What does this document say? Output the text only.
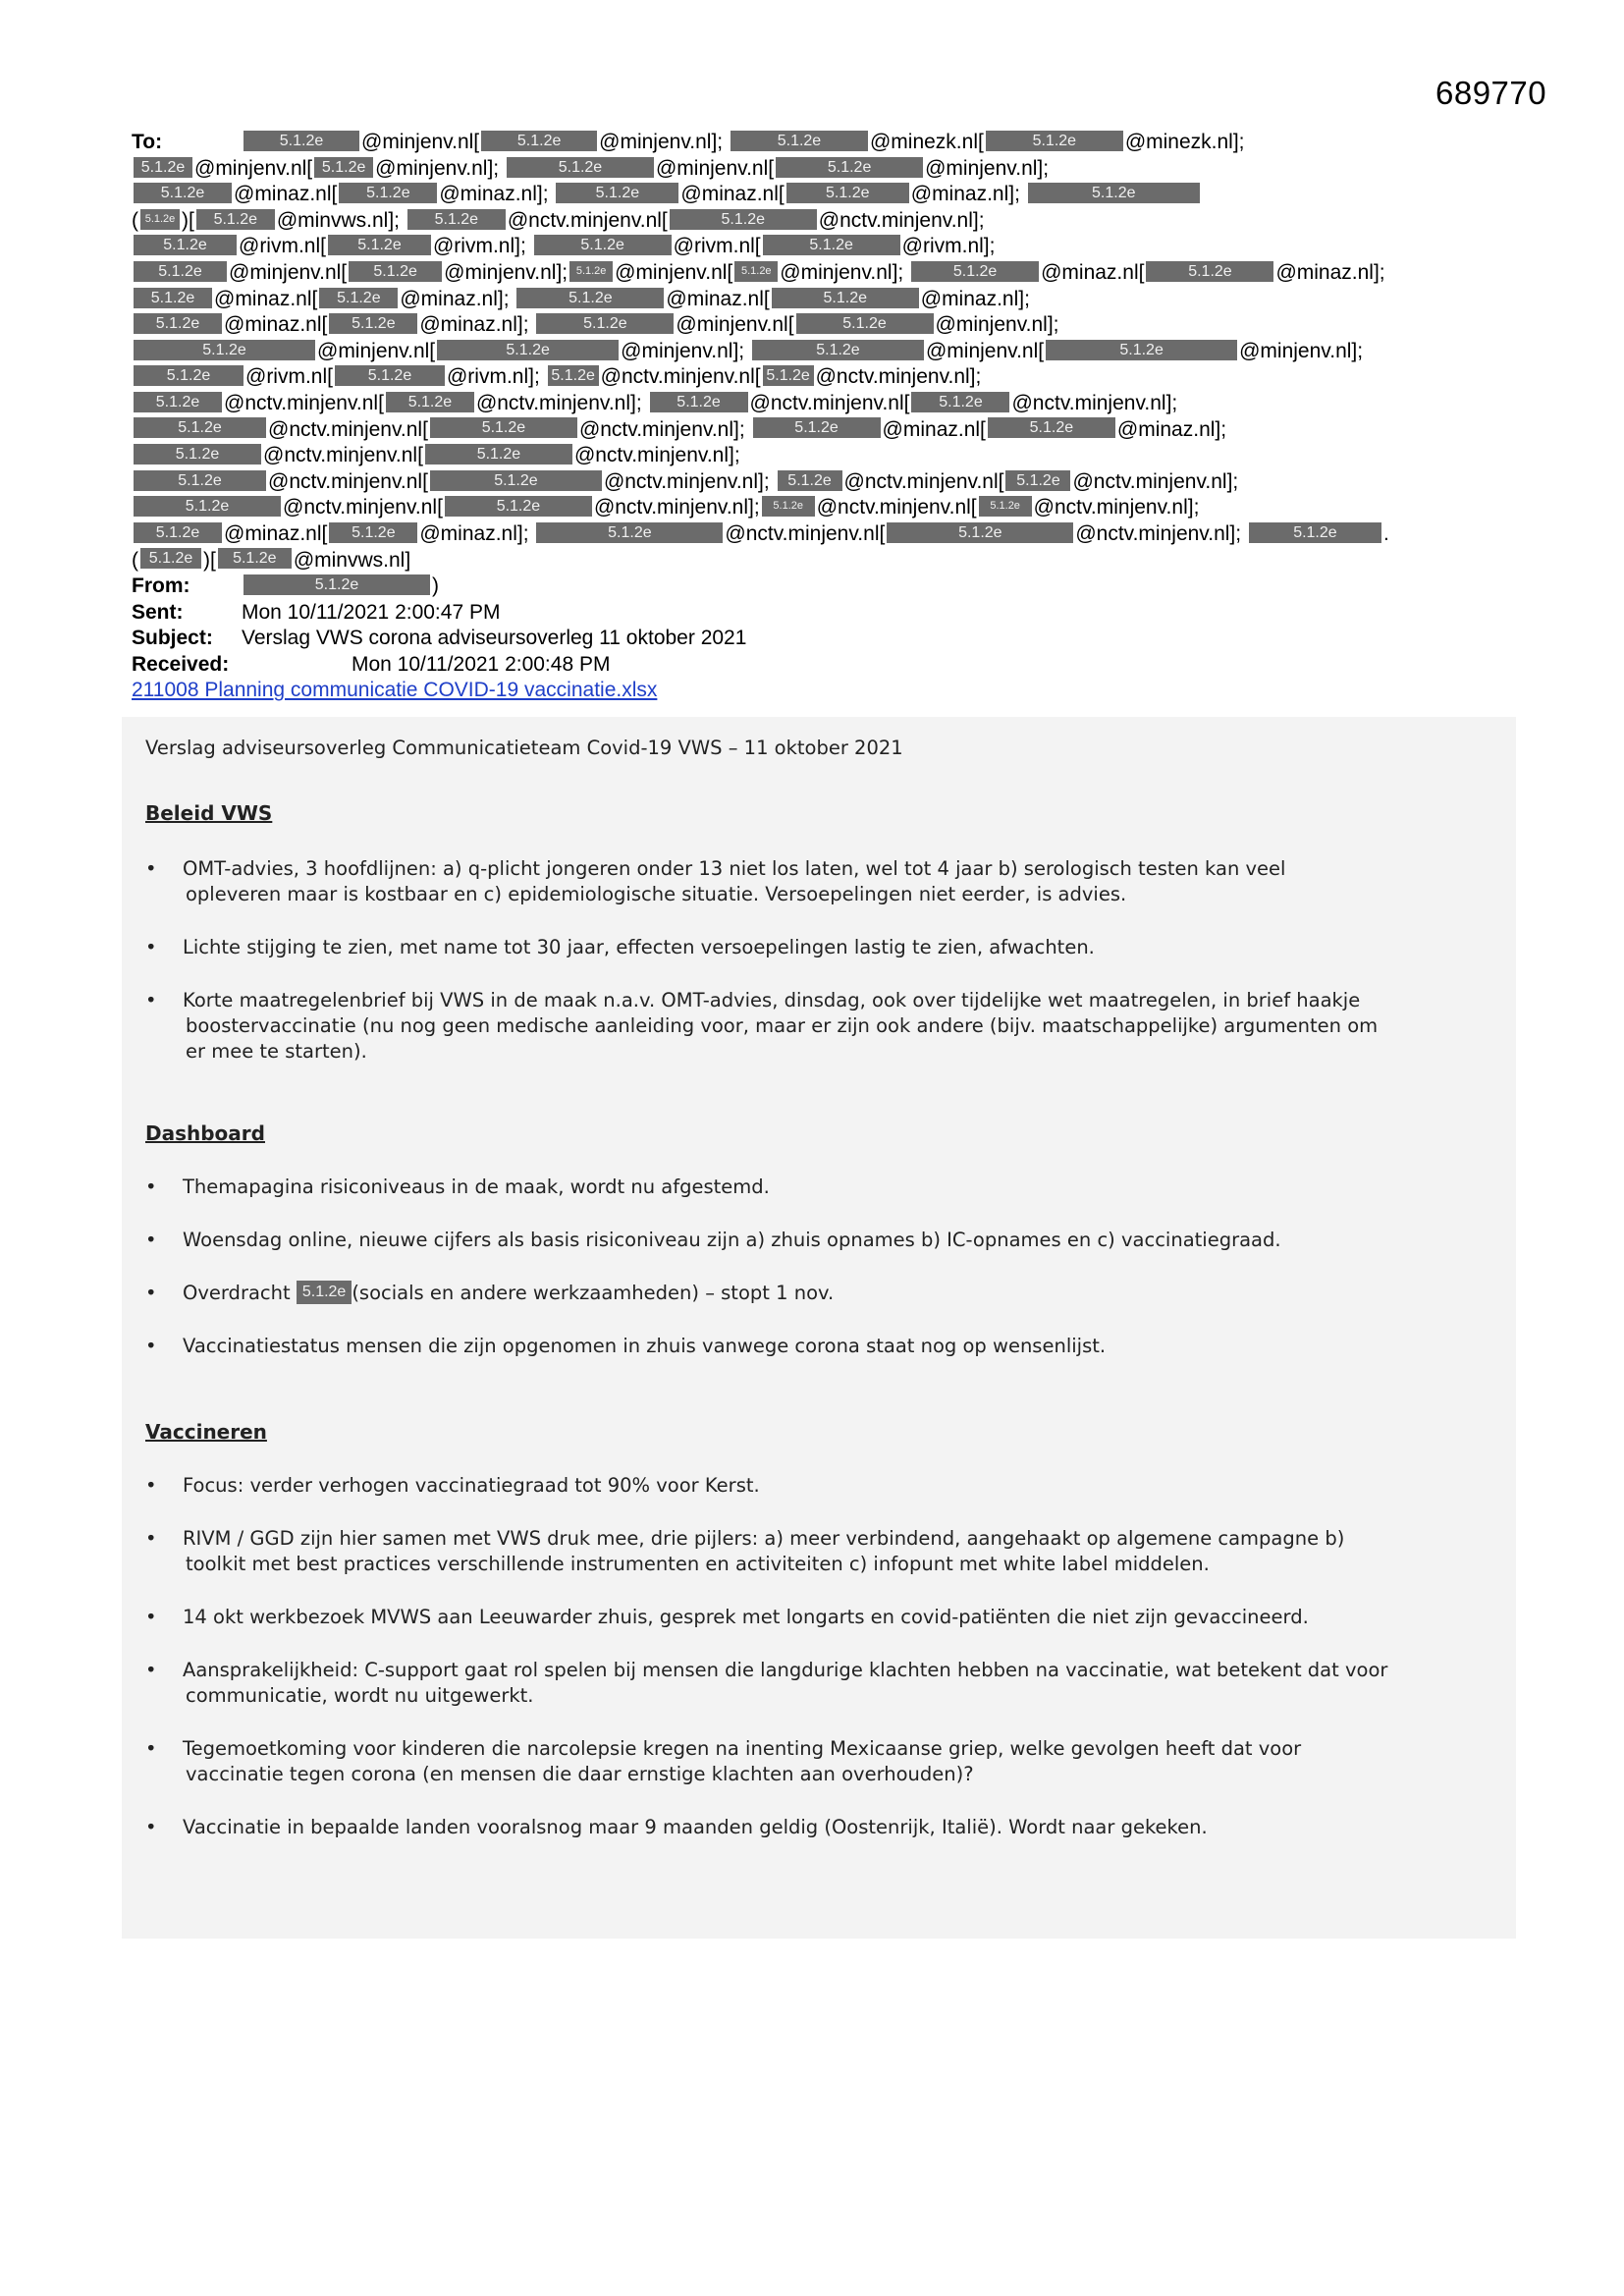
689770
To:	5.1.2e @minjenv.nl[ 5.1.2e @minjenv.nl];	5.1.2e @minezk.nl[	5.1.2e @minezk.nl];
5.1.2e @minjenv.nl[ 5.1.2e @minjenv.nl];	5.1.2e	@minjenv.nl[	5.1.2e	@minjenv.nl];
5.1.2e @minaz.nl[ 5.1.2e @minaz.nl];	5.1.2e @minaz.nl[	5.1.2e @minaz.nl];	5.1.2e
( 5.1.2e )[ 5.1.2e @minvws.nl]; 5.1.2e @nctv.minjenv.nl[	5.1.2e	@nctv.minjenv.nl];
5.1.2e @rivm.nl[ 5.1.2e @rivm.nl];	5.1.2e @rivm.nl[	5.1.2e @rivm.nl];
5.1.2e @minjenv.nl[ 5.1.2e @minjenv.nl]; 5.1.2e @minjenv.nl[ 5.1.2e @minjenv.nl];	5.1.2e @minaz.nl[	5.1.2e @minaz.nl];
5.1.2e @minaz.nl[ 5.1.2e @minaz.nl];	5.1.2e	@minaz.nl[	5.1.2e	@minaz.nl];
5.1.2e @minaz.nl[ 5.1.2e @minaz.nl];	5.1.2e @minjenv.nl[	5.1.2e @minjenv.nl];
5.1.2e	@minjenv.nl[	5.1.2e	@minjenv.nl];	5.1.2e	@minjenv.nl[	5.1.2e	@minjenv.nl];
5.1.2e @rivm.nl[ 5.1.2e @rivm.nl]; 5.1.2e @nctv.minjenv.nl[ 5.1.2e @nctv.minjenv.nl];
5.1.2e @nctv.minjenv.nl[ 5.1.2e @nctv.minjenv.nl]; 5.1.2e @nctv.minjenv.nl[ 5.1.2e @nctv.minjenv.nl];
5.1.2e @nctv.minjenv.nl[	5.1.2e	@nctv.minjenv.nl];	5.1.2e @minaz.nl[	5.1.2e @minaz.nl];
5.1.2e @nctv.minjenv.nl[	5.1.2e	@nctv.minjenv.nl];
5.1.2e @nctv.minjenv.nl[	5.1.2e	@nctv.minjenv.nl]; 5.1.2e @nctv.minjenv.nl[ 5.1.2e @nctv.minjenv.nl];
5.1.2e	@nctv.minjenv.nl[	5.1.2e	@nctv.minjenv.nl]; 5.1.2e @nctv.minjenv.nl[ 5.1.2e @nctv.minjenv.nl];
5.1.2e @minaz.nl[ 5.1.2e @minaz.nl];	5.1.2e	@nctv.minjenv.nl[	5.1.2e	@nctv.minjenv.nl];	5.1.2e .
( 5.1.2e )[ 5.1.2e @minvws.nl]
From:	5.1.2e	)
Sent:	Mon 10/11/2021 2:00:47 PM
Subject: Verslag VWS corona adviseursoverleg 11 oktober 2021
Received:	Mon 10/11/2021 2:00:48 PM
211008 Planning communicatie COVID-19 vaccinatie.xlsx
Verslag adviseursoverleg Communicatieteam Covid-19 VWS – 11 oktober 2021
Beleid VWS
• OMT-advies, 3 hoofdlijnen: a) q-plicht jongeren onder 13 niet los laten, wel tot 4 jaar b) serologisch testen kan veel
opleveren maar is kostbaar en c) epidemiologische situatie. Versoepelingen niet eerder, is advies.
• Lichte stijging te zien, met name tot 30 jaar, effecten versoepelingen lastig te zien, afwachten.
• Korte maatregelenbrief bij VWS in de maak n.a.v. OMT-advies, dinsdag, ook over tijdelijke wet maatregelen, in brief haakje
boostervaccinatie (nu nog geen medische aanleiding voor, maar er zijn ook andere (bijv. maatschappelijke) argumenten om
er mee te starten).
Dashboard
• Themapagina risiconiveaus in de maak, wordt nu afgestemd.
• Woensdag online, nieuwe cijfers als basis risiconiveau zijn a) zhuis opnames b) IC-opnames en c) vaccinatiegraad.
• Overdracht 5.1.2e (socials en andere werkzaamheden) – stopt 1 nov.
• Vaccinatiestatus mensen die zijn opgenomen in zhuis vanwege corona staat nog op wensenlijst.
Vaccineren
• Focus: verder verhogen vaccinatiegraad tot 90% voor Kerst.
• RIVM / GGD zijn hier samen met VWS druk mee, drie pijlers: a) meer verbindend, aangehaakt op algemene campagne b)
toolkit met best practices verschillende instrumenten en activiteiten c) infopunt met white label middelen.
• 14 okt werkbezoek MVWS aan Leeuwarder zhuis, gesprek met longarts en covid-patiënten die niet zijn gevaccineerd.
• Aansprakelijkheid: C-support gaat rol spelen bij mensen die langdurige klachten hebben na vaccinatie, wat betekent dat voor
communicatie, wordt nu uitgewerkt.
• Tegemoetkoming voor kinderen die narcolepsie kregen na inenting Mexicaanse griep, welke gevolgen heeft dat voor
vaccinatie tegen corona (en mensen die daar ernstige klachten aan overhouden)?
• Vaccinatie in bepaalde landen vooralsnog maar 9 maanden geldig (Oostenrijk, Italië). Wordt naar gekeken.
